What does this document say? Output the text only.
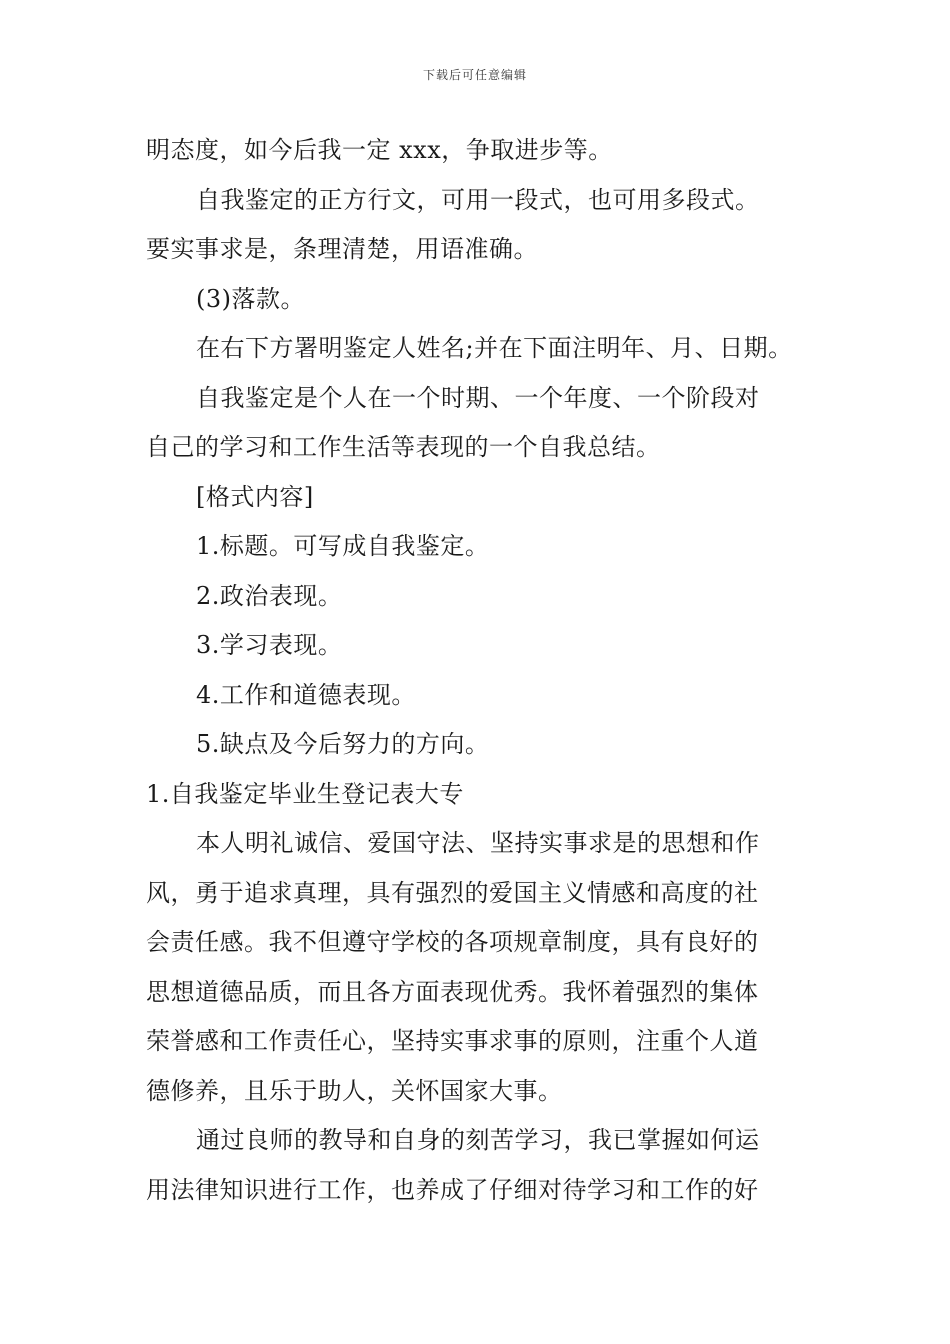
下载后可任意编辑
明态度，如今后我一定 xxx，争取进步等。
自我鉴定的正方行文，可用一段式，也可用多段式。
要实事求是，条理清楚，用语准确。
(3)落款。
在右下方署明鉴定人姓名;并在下面注明年、月、日期。
自我鉴定是个人在一个时期、一个年度、一个阶段对
自己的学习和工作生活等表现的一个自我总结。
[格式内容]
1.标题。可写成自我鉴定。
2.政治表现。
3.学习表现。
4.工作和道德表现。
5.缺点及今后努力的方向。
1.自我鉴定毕业生登记表大专
本人明礼诚信、爱国守法、坚持实事求是的思想和作
风，勇于追求真理，具有强烈的爱国主义情感和高度的社
会责任感。我不但遵守学校的各项规章制度，具有良好的
思想道德品质，而且各方面表现优秀。我怀着强烈的集体
荣誉感和工作责任心，坚持实事求事的原则，注重个人道
德修养，且乐于助人，关怀国家大事。
通过良师的教导和自身的刻苦学习，我已掌握如何运
用法律知识进行工作，也养成了仔细对待学习和工作的好
